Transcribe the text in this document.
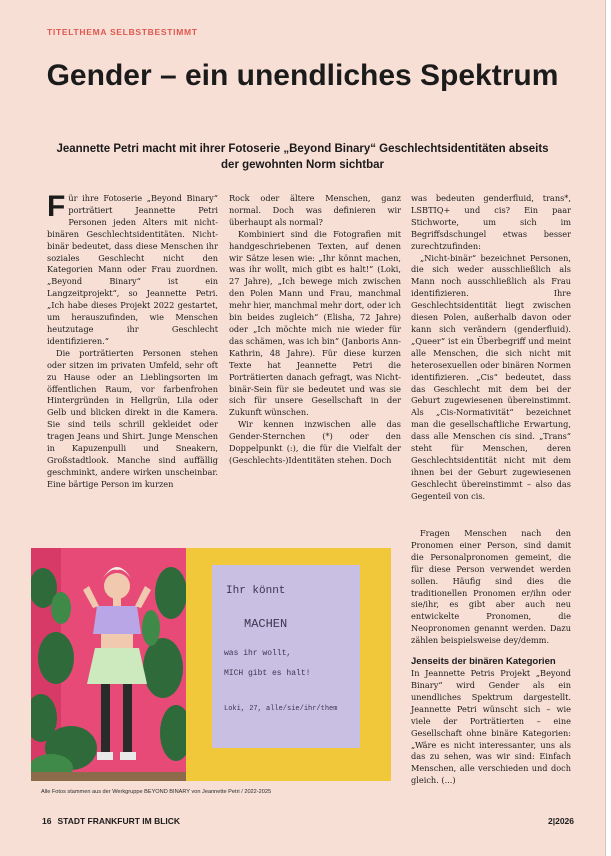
TITELTHEMA SELBSTBESTIMMT
Gender – ein unendliches Spektrum
Jeannette Petri macht mit ihrer Fotoserie „Beyond Binary“ Geschlechtsidentitäten abseits der gewohnten Norm sichtbar

Für ihre Fotoserie „Beyond Binary“ porträtiert Jeannette Petri Personen jeden Alters mit nicht-binären Geschlechtsidentitäten. Nicht-binär bedeutet, dass diese Menschen ihr soziales Geschlecht nicht den Kategorien Mann oder Frau zuordnen. „Beyond Binary“ ist ein Langzeitprojekt“, so Jeannette Petri. „Ich habe dieses Projekt 2022 gestartet, um herauszufinden, wie Menschen heutzutage ihr Geschlecht identifizieren.“

Die porträtierten Personen stehen oder sitzen im privaten Umfeld, sehr oft zu Hause oder an Lieblingsorten im öffentlichen Raum, vor farbenfrohen Hintergründen in Hellgrün, Lila oder Gelb und blicken direkt in die Kamera. Sie sind teils schrill gekleidet oder tragen Jeans und Shirt. Junge Menschen in Kapuzenpulli und Sneakern, Großstadtlook. Manche sind auffällig geschminkt, andere wirken unscheinbar. Eine bärtige Person im kurzen

Rock oder ältere Menschen, ganz normal. Doch was definieren wir überhaupt als normal?

Kombiniert sind die Fotografien mit handgeschriebenen Texten, auf denen wir Sätze lesen wie: „Ihr könnt machen, was ihr wollt, mich gibt es halt!“ (Loki, 27 Jahre), „Ich bewege mich zwischen den Polen Mann und Frau, manchmal mehr hier, manchmal mehr dort, oder ich bin beides zugleich“ (Elisha, 72 Jahre) oder „Ich möchte mich nie wieder für das schämen, was ich bin“ (Janboris Ann-Kathrin, 48 Jahre). Für diese kurzen Texte hat Jeannette Petri die Porträtierten danach gefragt, was Nicht-binär-Sein für sie bedeutet und was sie sich für unsere Gesellschaft in der Zukunft wünschen.

Wir kennen inzwischen alle das Gender-Sternchen (*) oder den Doppelpunkt (:), die für die Vielfalt der (Geschlechts-)Identitäten stehen. Doch

was bedeuten genderfluid, trans*, LSBTIQ+ und cis? Ein paar Stichworte, um sich im Begriffsdschungel etwas besser zurechtzufinden:

„Nicht-binär“ bezeichnet Personen, die sich weder ausschließlich als Mann noch ausschließlich als Frau identifizieren. Ihre Geschlechtsidentität liegt zwischen diesen Polen, außerhalb davon oder kann sich verändern (genderfluid). „Queer“ ist ein Überbegriff und meint alle Menschen, die sich nicht mit heterosexuellen oder binären Normen identifizieren. „Cis“ bedeutet, dass das Geschlecht mit dem bei der Geburt zugewiesenen übereinstimmt. Als „Cis-Normativität“ bezeichnet man die gesellschaftliche Erwartung, dass alle Menschen cis sind. „Trans“ steht für Menschen, deren Geschlechtsidentität nicht mit dem ihnen bei der Geburt zugewiesenen Geschlecht übereinstimmt – also das Gegenteil von cis.

Fragen Menschen nach den Pronomen einer Person, sind damit die Personalpronomen gemeint, die für diese Person verwendet werden sollen. Häufig sind dies die traditionellen Pronomen er/ihn oder sie/ihr, es gibt aber auch neu entwickelte Pronomen, die Neopronomen genannt werden. Dazu zählen beispielsweise dey/demm.

Jenseits der binären Kategorien

In Jeannette Petris Projekt „Beyond Binary“ wird Gender als ein unendliches Spektrum dargestellt. Jeannette Petri wünscht sich – wie viele der Porträtierten – eine Gesellschaft ohne binäre Kategorien: „Wäre es nicht interessanter, uns als das zu sehen, was wir sind: Einfach Menschen, alle verschieden und doch gleich. (...)

Ihr könnt
MACHEN
was ihr wollt,
MICH gibt es halt!
Loki, 27, alle/sie/ihr/them
Alle Fotos stammen aus der Werkgruppe BEYOND BINARY von Jeannette Petri / 2022-2025
16 STADT FRANKFURT IM BLICK	2|2026
